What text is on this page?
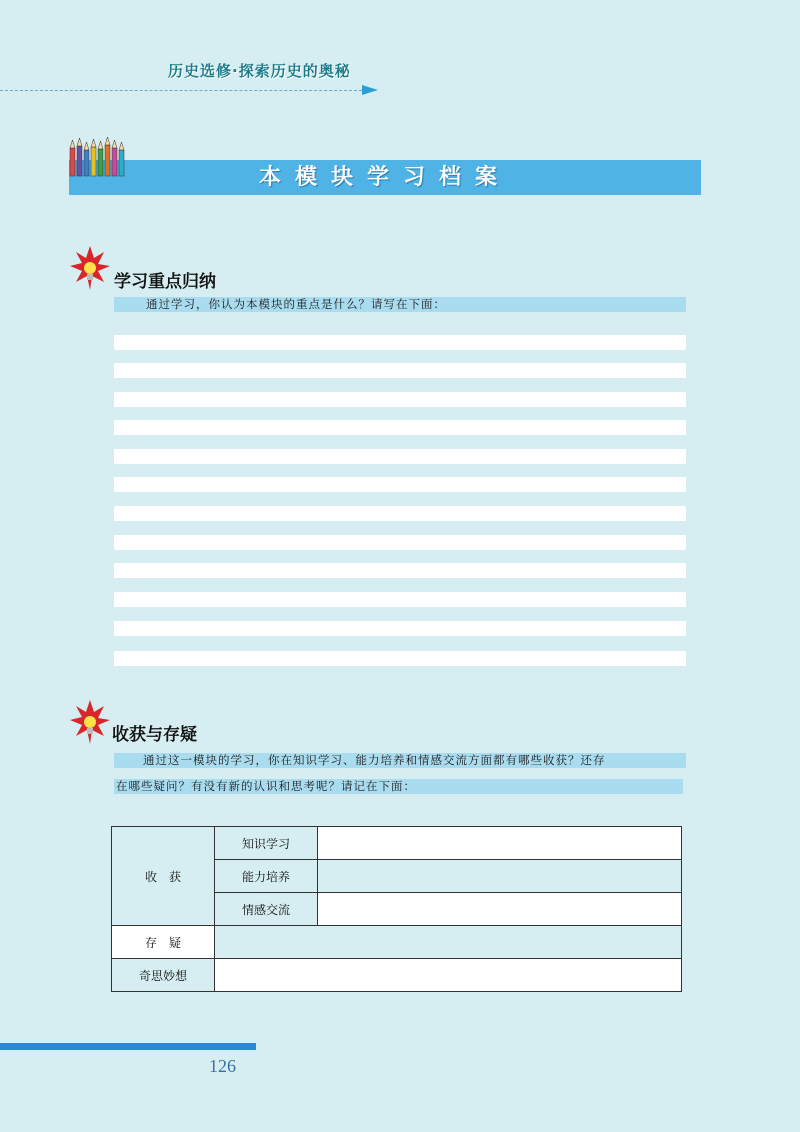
历史选修·探索历史的奥秘
本模块学习档案
学习重点归纳
通过学习，你认为本模块的重点是什么？请写在下面：
收获与存疑
通过这一模块的学习，你在知识学习、能力培养和情感交流方面都有哪些收获？还存
在哪些疑问？有没有新的认识和思考呢？请记在下面：
收　获	知识学习	
	能力培养	
	情感交流	
存　疑		
奇思妙想		
126
